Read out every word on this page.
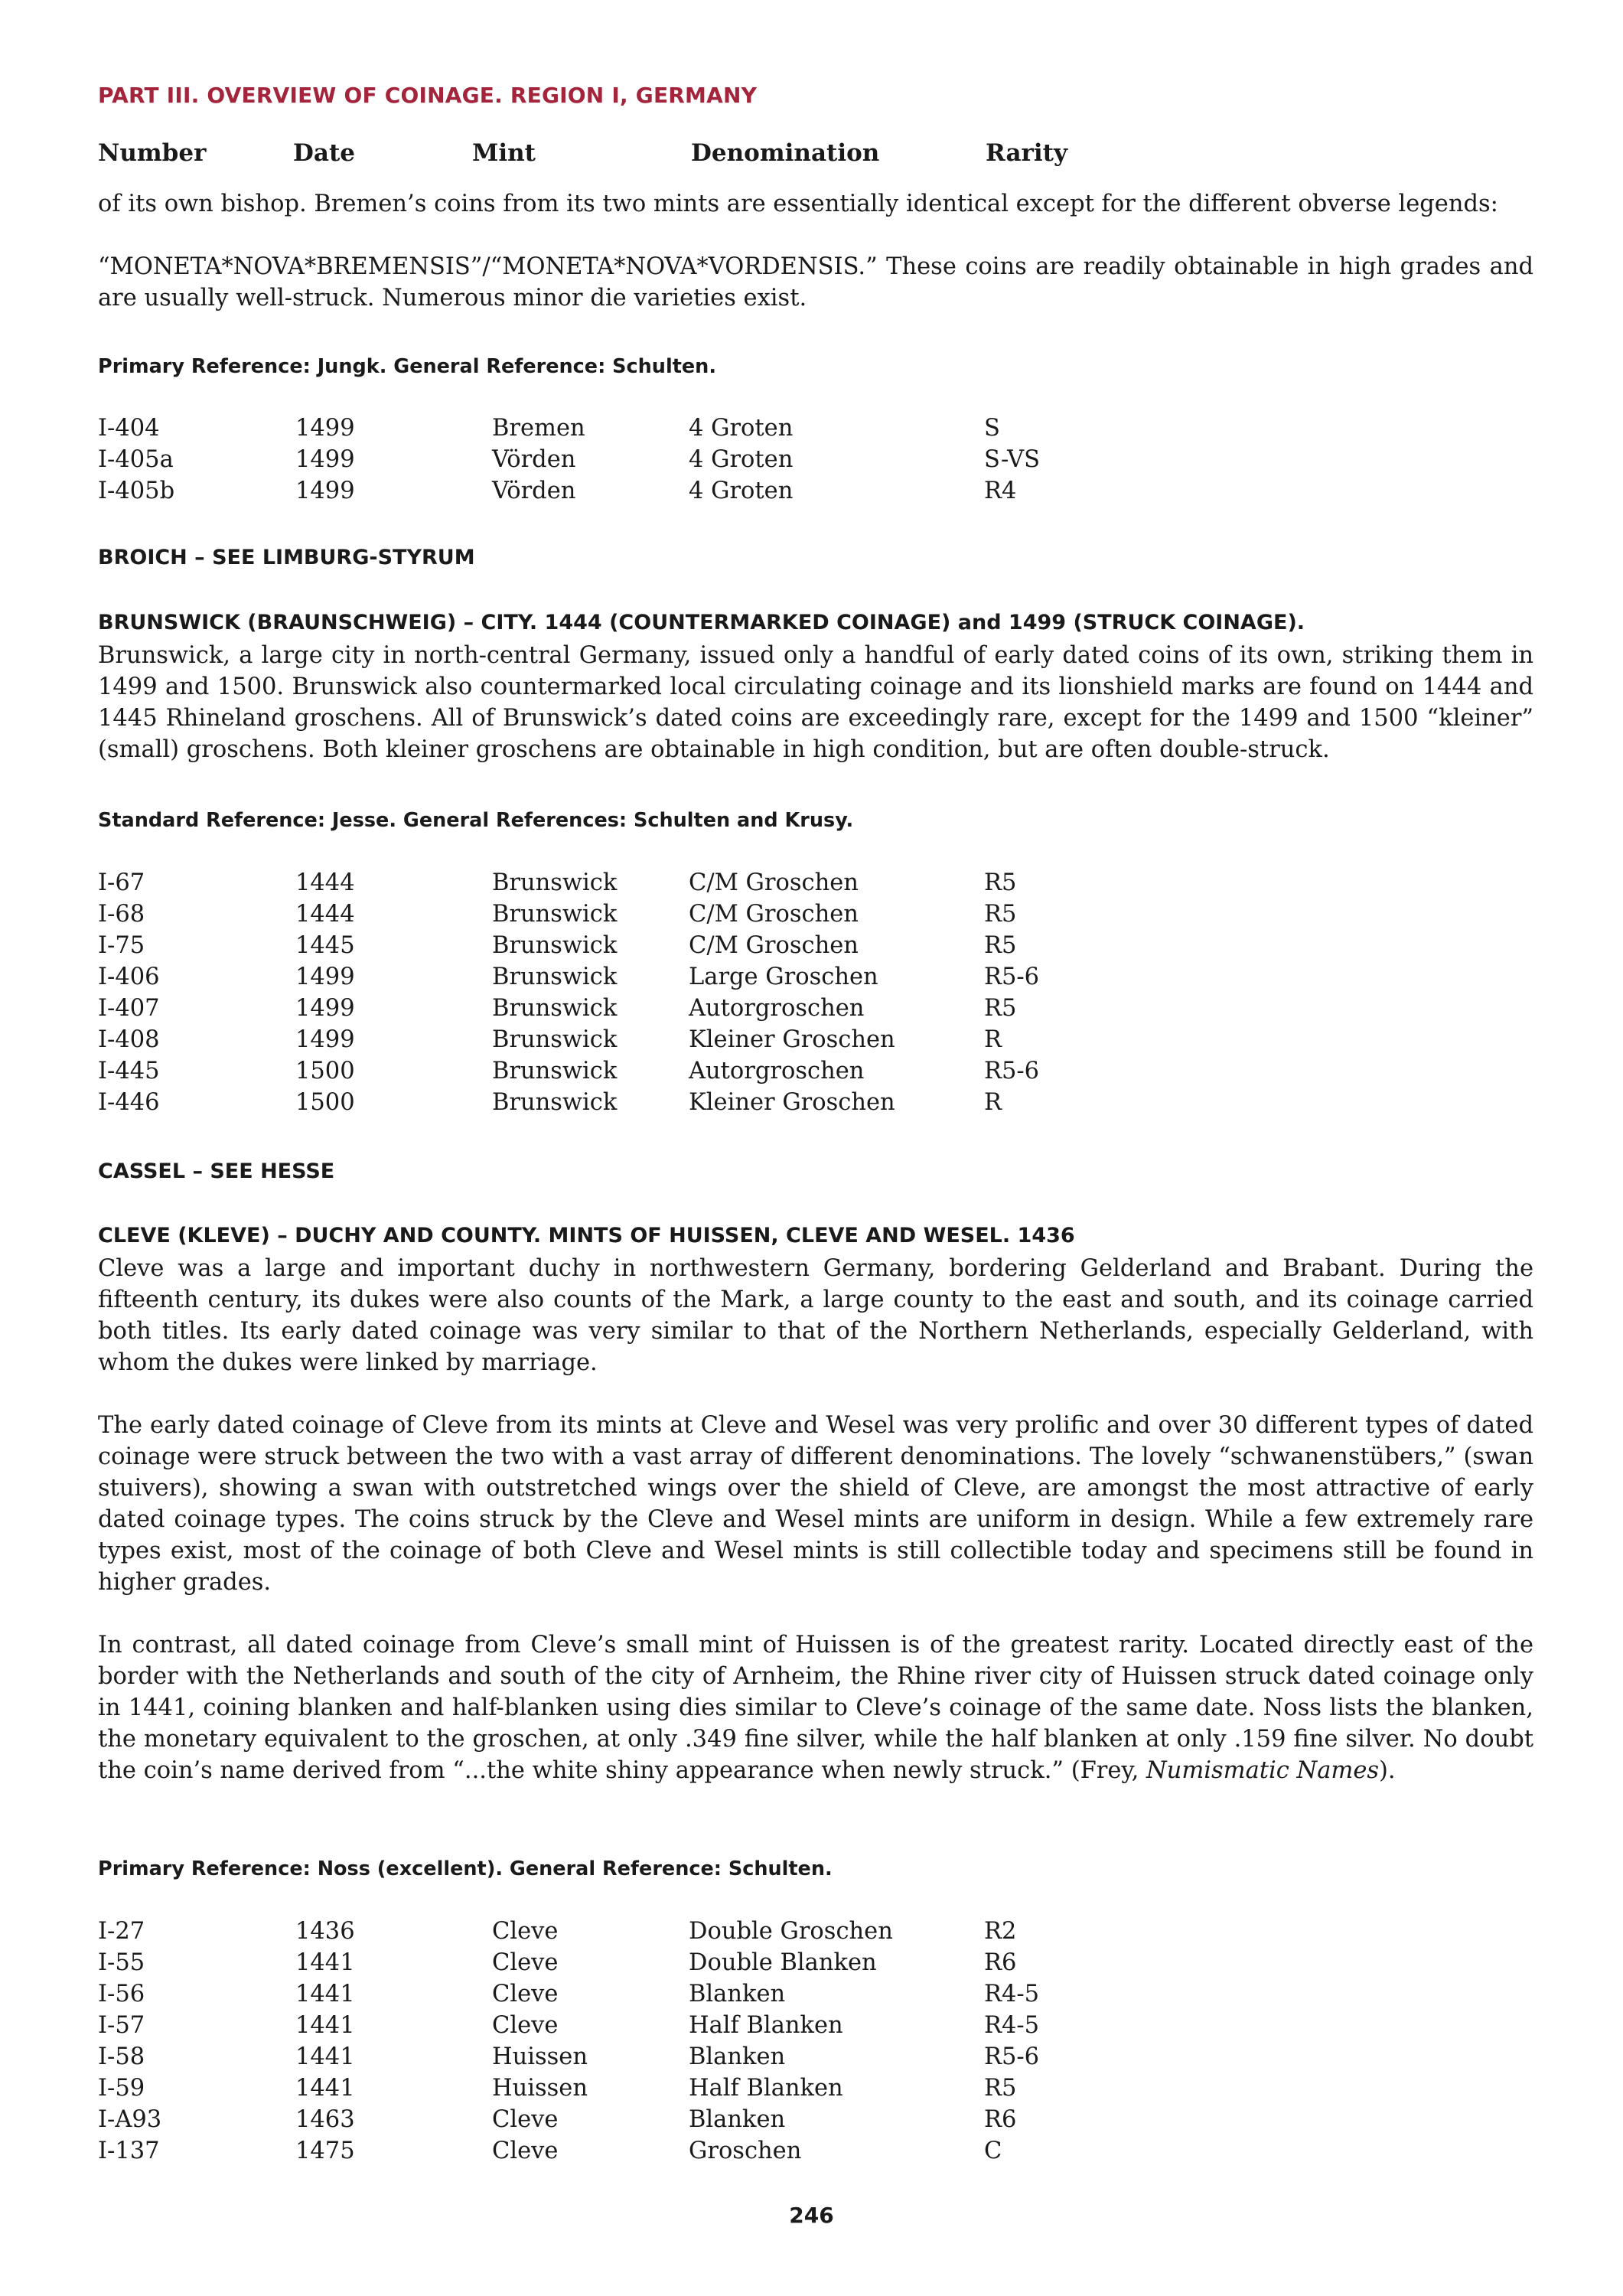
PART III. OVERVIEW OF COINAGE. REGION I, GERMANY
Number	Date	Mint	Denomination	Rarity
of its own bishop. Bremen’s coins from its two mints are essentially identical except for the different obverse legends:
“MONETA*NOVA*BREMENSIS”/“MONETA*NOVA*VORDENSIS.” These coins are readily obtainable in high grades and are usually well-struck. Numerous minor die varieties exist.
Primary Reference: Jungk. General Reference: Schulten.
I-404	1499	Bremen	4 Groten	S
I-405a	1499	Vörden	4 Groten	S-VS
I-405b	1499	Vörden	4 Groten	R4
BROICH – SEE LIMBURG-STYRUM
BRUNSWICK (BRAUNSCHWEIG) – CITY. 1444 (COUNTERMARKED COINAGE) and 1499 (STRUCK COINAGE).
Brunswick, a large city in north-central Germany, issued only a handful of early dated coins of its own, striking them in 1499 and 1500. Brunswick also countermarked local circulating coinage and its lionshield marks are found on 1444 and 1445 Rhineland groschens. All of Brunswick’s dated coins are exceedingly rare, except for the 1499 and 1500 “kleiner” (small) groschens. Both kleiner groschens are obtainable in high condition, but are often double-struck.
Standard Reference: Jesse. General References: Schulten and Krusy.
I-67	1444	Brunswick	C/M Groschen	R5
I-68	1444	Brunswick	C/M Groschen	R5
I-75	1445	Brunswick	C/M Groschen	R5
I-406	1499	Brunswick	Large Groschen	R5-6
I-407	1499	Brunswick	Autorgroschen	R5
I-408	1499	Brunswick	Kleiner Groschen	R
I-445	1500	Brunswick	Autorgroschen	R5-6
I-446	1500	Brunswick	Kleiner Groschen	R
CASSEL – SEE HESSE
CLEVE (KLEVE) – DUCHY AND COUNTY. MINTS OF HUISSEN, CLEVE AND WESEL. 1436
Cleve was a large and important duchy in northwestern Germany, bordering Gelderland and Brabant. During the fifteenth century, its dukes were also counts of the Mark, a large county to the east and south, and its coinage carried both titles. Its early dated coinage was very similar to that of the Northern Netherlands, especially Gelderland, with whom the dukes were linked by marriage.
The early dated coinage of Cleve from its mints at Cleve and Wesel was very prolific and over 30 different types of dated coinage were struck between the two with a vast array of different denominations. The lovely “schwanenstübers,” (swan stuivers), showing a swan with outstretched wings over the shield of Cleve, are amongst the most attractive of early dated coinage types. The coins struck by the Cleve and Wesel mints are uniform in design. While a few extremely rare types exist, most of the coinage of both Cleve and Wesel mints is still collectible today and specimens still be found in higher grades.
In contrast, all dated coinage from Cleve’s small mint of Huissen is of the greatest rarity. Located directly east of the border with the Netherlands and south of the city of Arnheim, the Rhine river city of Huissen struck dated coinage only in 1441, coining blanken and half-blanken using dies similar to Cleve’s coinage of the same date. Noss lists the blanken, the monetary equivalent to the groschen, at only .349 fine silver, while the half blanken at only .159 fine silver. No doubt the coin’s name derived from “...the white shiny appearance when newly struck.” (Frey, Numismatic Names).
Primary Reference: Noss (excellent). General Reference: Schulten.
I-27	1436	Cleve	Double Groschen	R2
I-55	1441	Cleve	Double Blanken	R6
I-56	1441	Cleve	Blanken	R4-5
I-57	1441	Cleve	Half Blanken	R4-5
I-58	1441	Huissen	Blanken	R5-6
I-59	1441	Huissen	Half Blanken	R5
I-A93	1463	Cleve	Blanken	R6
I-137	1475	Cleve	Groschen	C
246
